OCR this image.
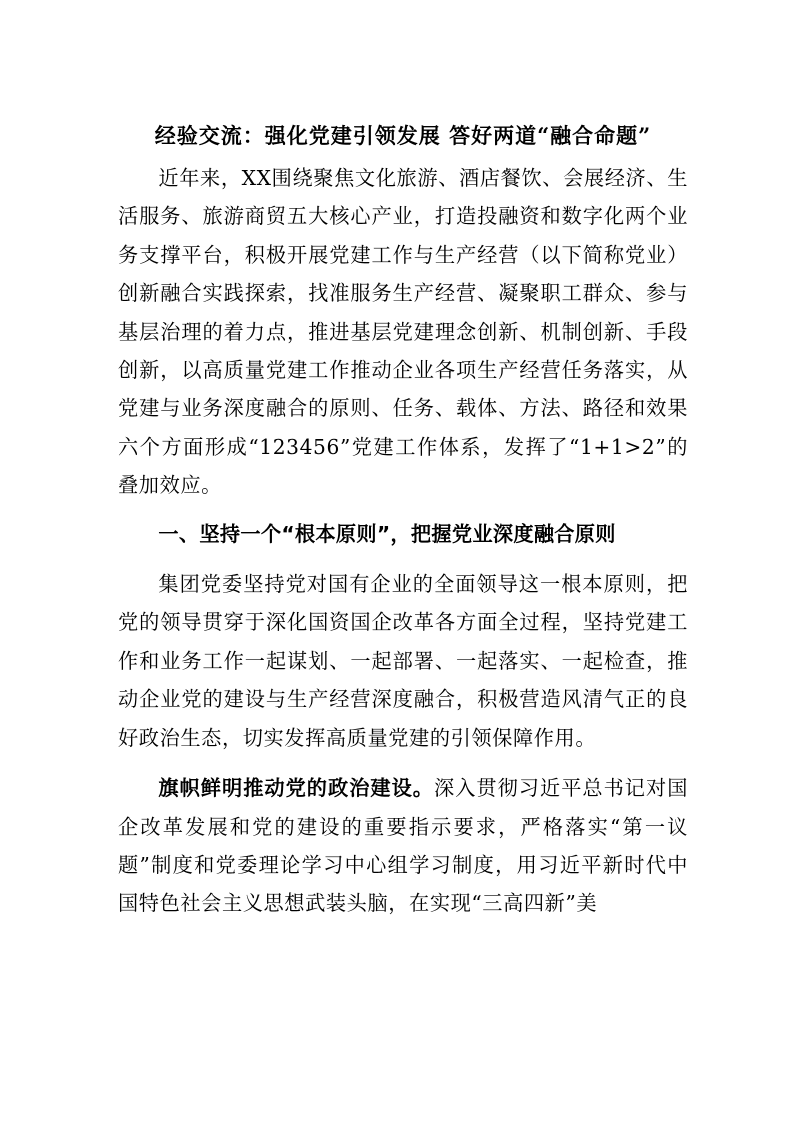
经验交流：强化党建引领发展 答好两道“融合命题”

近年来，XX围绕聚焦文化旅游、酒店餐饮、会展经济、生活服务、旅游商贸五大核心产业，打造投融资和数字化两个业务支撑平台，积极开展党建工作与生产经营（以下简称党业）创新融合实践探索，找准服务生产经营、凝聚职工群众、参与基层治理的着力点，推进基层党建理念创新、机制创新、手段创新，以高质量党建工作推动企业各项生产经营任务落实，从党建与业务深度融合的原则、任务、载体、方法、路径和效果六个方面形成“123456”党建工作体系，发挥了“1+1>2”的叠加效应。

一、坚持一个“根本原则”，把握党业深度融合原则

集团党委坚持党对国有企业的全面领导这一根本原则，把党的领导贯穿于深化国资国企改革各方面全过程，坚持党建工作和业务工作一起谋划、一起部署、一起落实、一起检查，推动企业党的建设与生产经营深度融合，积极营造风清气正的良好政治生态，切实发挥高质量党建的引领保障作用。

旗帜鲜明推动党的政治建设。深入贯彻习近平总书记对国企改革发展和党的建设的重要指示要求，严格落实“第一议题”制度和党委理论学习中心组学习制度，用习近平新时代中国特色社会主义思想武装头脑，在实现“三高四新”美
